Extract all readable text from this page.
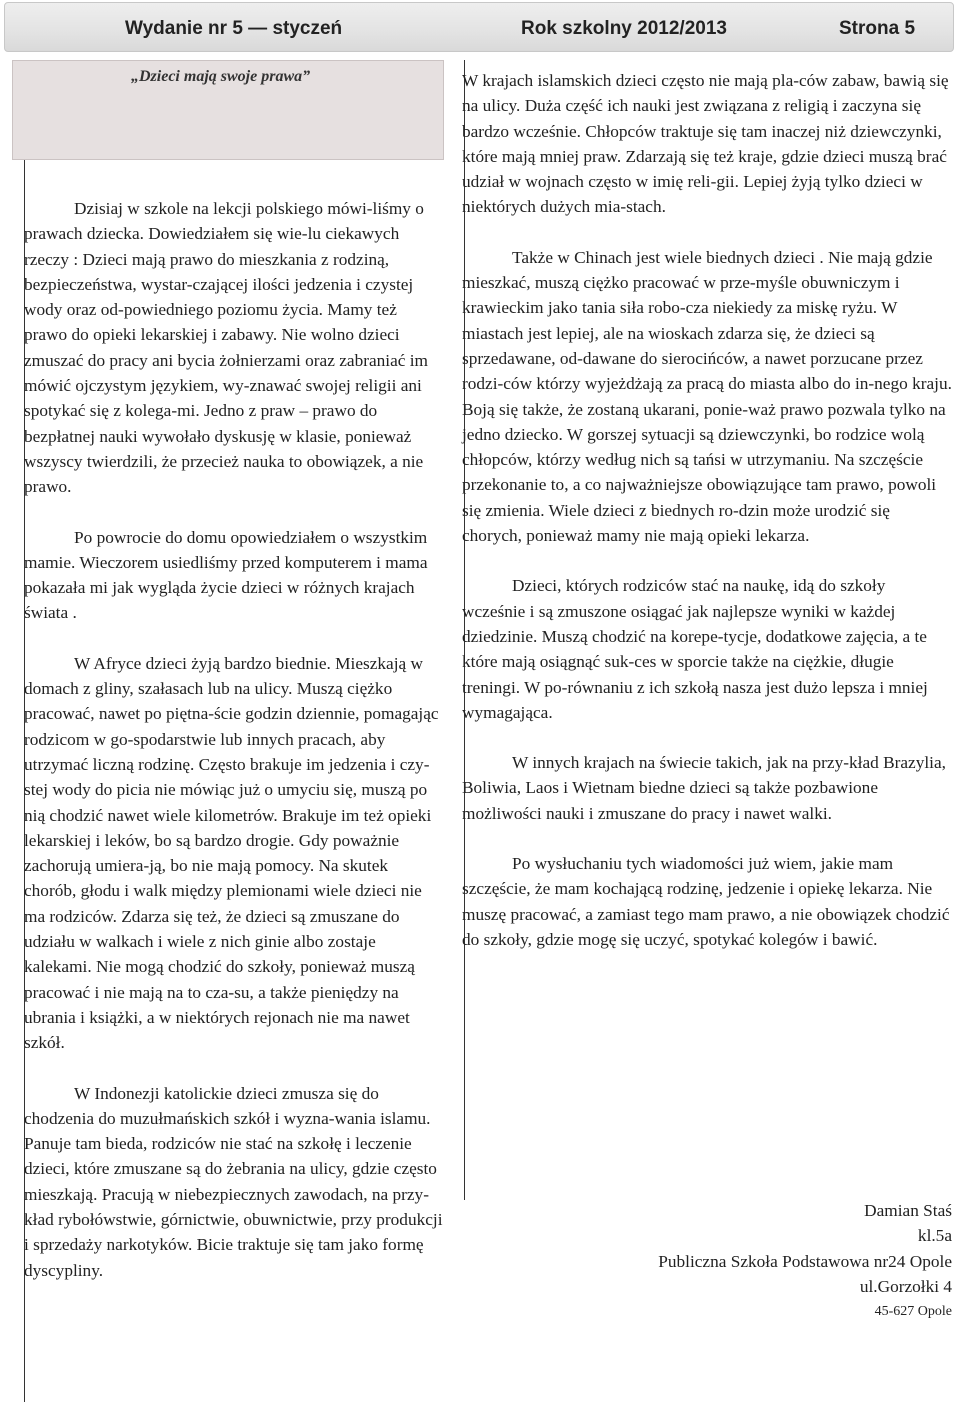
Wydanie nr 5 — styczeń	Rok szkolny 2012/2013	Strona 5
„Dzieci mają swoje prawa”

Dzisiaj w szkole na lekcji polskiego mówi-liśmy o prawach dziecka. Dowiedziałem się wie-lu ciekawych rzeczy : Dzieci mają prawo do mieszkania z rodziną, bezpieczeństwa, wystar-czającej ilości jedzenia i czystej wody oraz od-powiedniego poziomu życia. Mamy też prawo do opieki lekarskiej i zabawy. Nie wolno dzieci zmuszać do pracy ani bycia żołnierzami oraz zabraniać im mówić ojczystym językiem, wy-znawać swojej religii ani spotykać się z kolega-mi. Jedno z praw – prawo do bezpłatnej nauki wywołało dyskusję w klasie, ponieważ wszyscy twierdzili, że przecież nauka to obowiązek, a nie prawo.

Po powrocie do domu opowiedziałem o wszystkim mamie. Wieczorem usiedliśmy przed komputerem i mama pokazała mi jak wygląda życie dzieci w różnych krajach świata .

W Afryce dzieci żyją bardzo biednie. Mieszkają w domach z gliny, szałasach lub na ulicy. Muszą ciężko pracować, nawet po piętna-ście godzin dziennie, pomagając rodzicom w go-spodarstwie lub innych pracach, aby utrzymać liczną rodzinę. Często brakuje im jedzenia i czy-stej wody do picia nie mówiąc już o umyciu się, muszą po nią chodzić nawet wiele kilometrów. Brakuje im też opieki lekarskiej i leków, bo są bardzo drogie. Gdy poważnie zachorują umiera-ją, bo nie mają pomocy. Na skutek chorób, głodu i walk między plemionami wiele dzieci nie ma rodziców. Zdarza się też, że dzieci są zmuszane do udziału w walkach i wiele z nich ginie albo zostaje kalekami. Nie mogą chodzić do szkoły, ponieważ muszą pracować i nie mają na to cza-su, a także pieniędzy na ubrania i książki, a w niektórych rejonach nie ma nawet szkół.

W Indonezji katolickie dzieci zmusza się do chodzenia do muzułmańskich szkół i wyzna-wania islamu. Panuje tam bieda, rodziców nie stać na szkołę i leczenie dzieci, które zmuszane są do żebrania na ulicy, gdzie często mieszkają. Pracują w niebezpiecznych zawodach, na przy-kład rybołówstwie, górnictwie, obuwnictwie, przy produkcji i sprzedaży narkotyków. Bicie traktuje się tam jako formę dyscypliny.

W krajach islamskich dzieci często nie mają pla-ców zabaw, bawią się na ulicy. Duża część ich nauki jest związana z religią i zaczyna się bardzo wcześnie. Chłopców traktuje się tam inaczej niż dziewczynki, które mają mniej praw. Zdarzają się też kraje, gdzie dzieci muszą brać udział w wojnach często w imię reli-gii. Lepiej żyją tylko dzieci w niektórych dużych mia-stach.

Także w Chinach jest wiele biednych dzieci . Nie mają gdzie mieszkać, muszą ciężko pracować w prze-myśle obuwniczym i krawieckim jako tania siła robo-cza niekiedy za miskę ryżu. W miastach jest lepiej, ale na wioskach zdarza się, że dzieci są sprzedawane, od-dawane do sierocińców, a nawet porzucane przez rodzi-ców którzy wyjeżdżają za pracą do miasta albo do in-nego kraju. Boją się także, że zostaną ukarani, ponie-waż prawo pozwala tylko na jedno dziecko. W gorszej sytuacji są dziewczynki, bo rodzice wolą chłopców, którzy według nich są tańsi w utrzymaniu. Na szczęście przekonanie to, a co najważniejsze obowiązujące tam prawo, powoli się zmienia. Wiele dzieci z biednych ro-dzin może urodzić się chorych, ponieważ mamy nie mają opieki lekarza.

Dzieci, których rodziców stać na naukę, idą do szkoły wcześnie i są zmuszone osiągać jak najlepsze wyniki w każdej dziedzinie. Muszą chodzić na korepe-tycje, dodatkowe zajęcia, a te które mają osiągnąć suk-ces w sporcie także na ciężkie, długie treningi. W po-równaniu z ich szkołą nasza jest dużo lepsza i mniej wymagająca.

W innych krajach na świecie takich, jak na przy-kład Brazylia, Boliwia, Laos i Wietnam biedne dzieci są także pozbawione możliwości nauki i zmuszane do pracy i nawet walki.

Po wysłuchaniu tych wiadomości już wiem, jakie mam szczęście, że mam kochającą rodzinę, jedzenie i opiekę lekarza. Nie muszę pracować, a zamiast tego mam prawo, a nie obowiązek chodzić do szkoły, gdzie mogę się uczyć, spotykać kolegów i bawić.

Damian Staś
kl.5a
Publiczna Szkoła Podstawowa nr24 Opole
ul.Gorzołki 4
45-627 Opole
